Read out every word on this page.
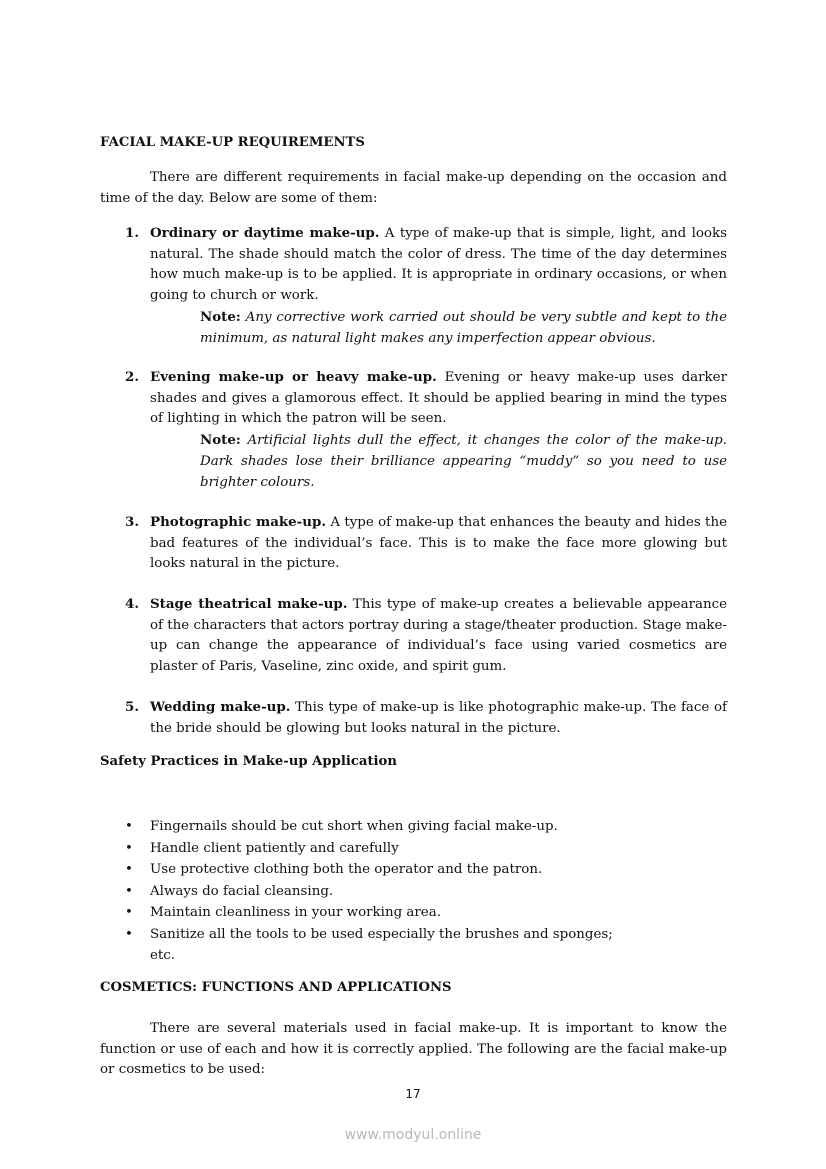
FACIAL MAKE-UP REQUIREMENTS
There are different requirements in facial make-up depending on the occasion and time of the day. Below are some of them:
1. Ordinary or daytime make-up. A type of make-up that is simple, light, and looks natural. The shade should match the color of dress. The time of the day determines how much make-up is to be applied. It is appropriate in ordinary occasions, or when going to church or work.
Note: Any corrective work carried out should be very subtle and kept to the minimum, as natural light makes any imperfection appear obvious.
2. Evening make-up or heavy make-up. Evening or heavy make-up uses darker shades and gives a glamorous effect. It should be applied bearing in mind the types of lighting in which the patron will be seen.
Note: Artificial lights dull the effect, it changes the color of the make-up. Dark shades lose their brilliance appearing “muddy” so you need to use brighter colours.
3. Photographic make-up. A type of make-up that enhances the beauty and hides the bad features of the individual’s face. This is to make the face more glowing but looks natural in the picture.
4. Stage theatrical make-up. This type of make-up creates a believable appearance of the characters that actors portray during a stage/theater production. Stage make-up can change the appearance of individual’s face using varied cosmetics are plaster of Paris, Vaseline, zinc oxide, and spirit gum.
5. Wedding make-up. This type of make-up is like photographic make-up. The face of the bride should be glowing but looks natural in the picture.
Safety Practices in Make-up Application
• Fingernails should be cut short when giving facial make-up.
• Handle client patiently and carefully
• Use protective clothing both the operator and the patron.
• Always do facial cleansing.
• Maintain cleanliness in your working area.
• Sanitize all the tools to be used especially the brushes and sponges; etc.
COSMETICS: FUNCTIONS AND APPLICATIONS
There are several materials used in facial make-up. It is important to know the function or use of each and how it is correctly applied. The following are the facial make-up or cosmetics to be used:
17
www.modyul.online
